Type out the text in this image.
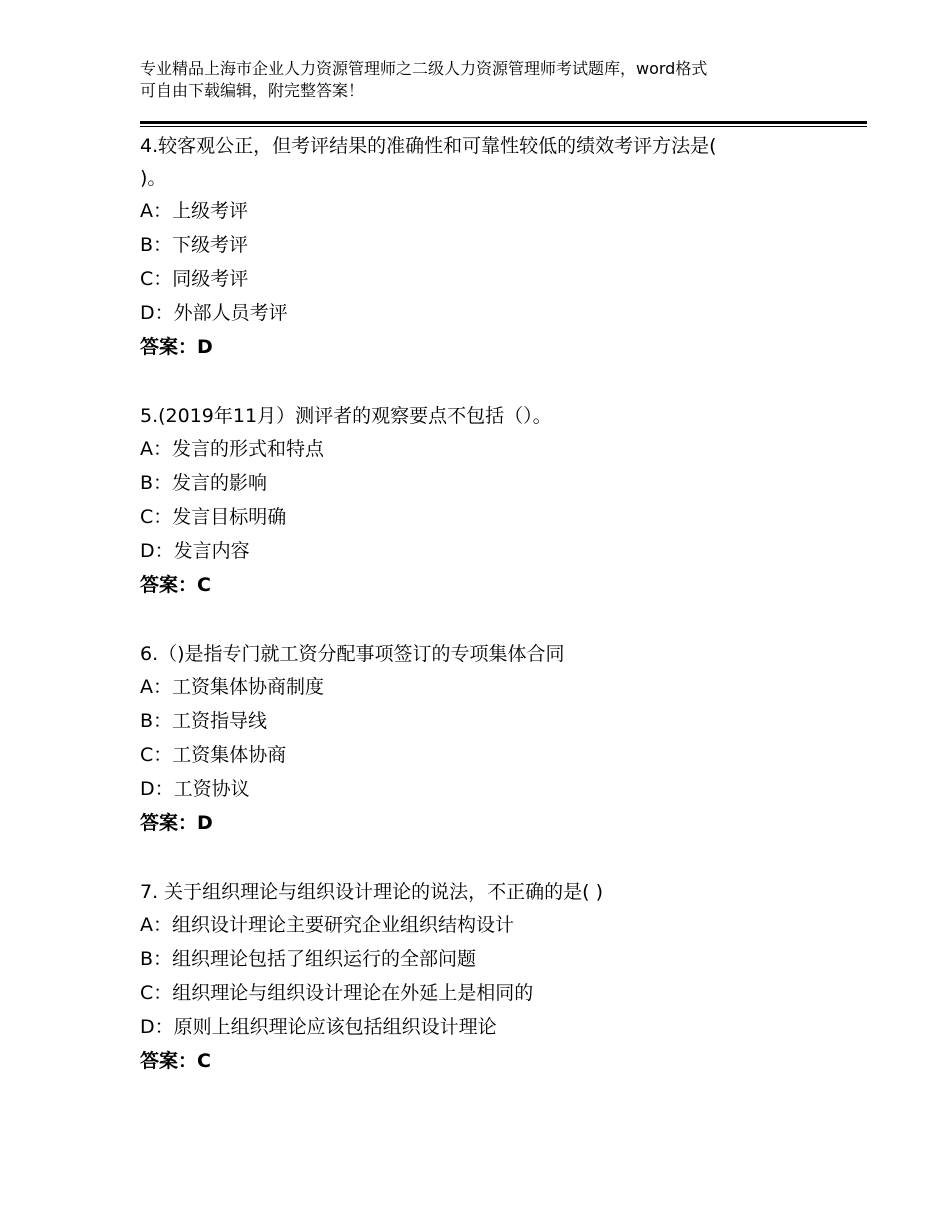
专业精品上海市企业人力资源管理师之二级人力资源管理师考试题库，word格式
可自由下载编辑，附完整答案！
4.较客观公正，但考评结果的准确性和可靠性较低的绩效考评方法是(
)。
A：上级考评
B：下级考评
C：同级考评
D：外部人员考评
答案：D
5.(2019年11月）测评者的观察要点不包括（）。
A：发言的形式和特点
B：发言的影响
C：发言目标明确
D：发言内容
答案：C
6.（)是指专门就工资分配事项签订的专项集体合同
A：工资集体协商制度
B：工资指导线
C：工资集体协商
D：工资协议
答案：D
7. 关于组织理论与组织设计理论的说法，不正确的是( )
A：组织设计理论主要研究企业组织结构设计
B：组织理论包括了组织运行的全部问题
C：组织理论与组织设计理论在外延上是相同的
D：原则上组织理论应该包括组织设计理论
答案：C
